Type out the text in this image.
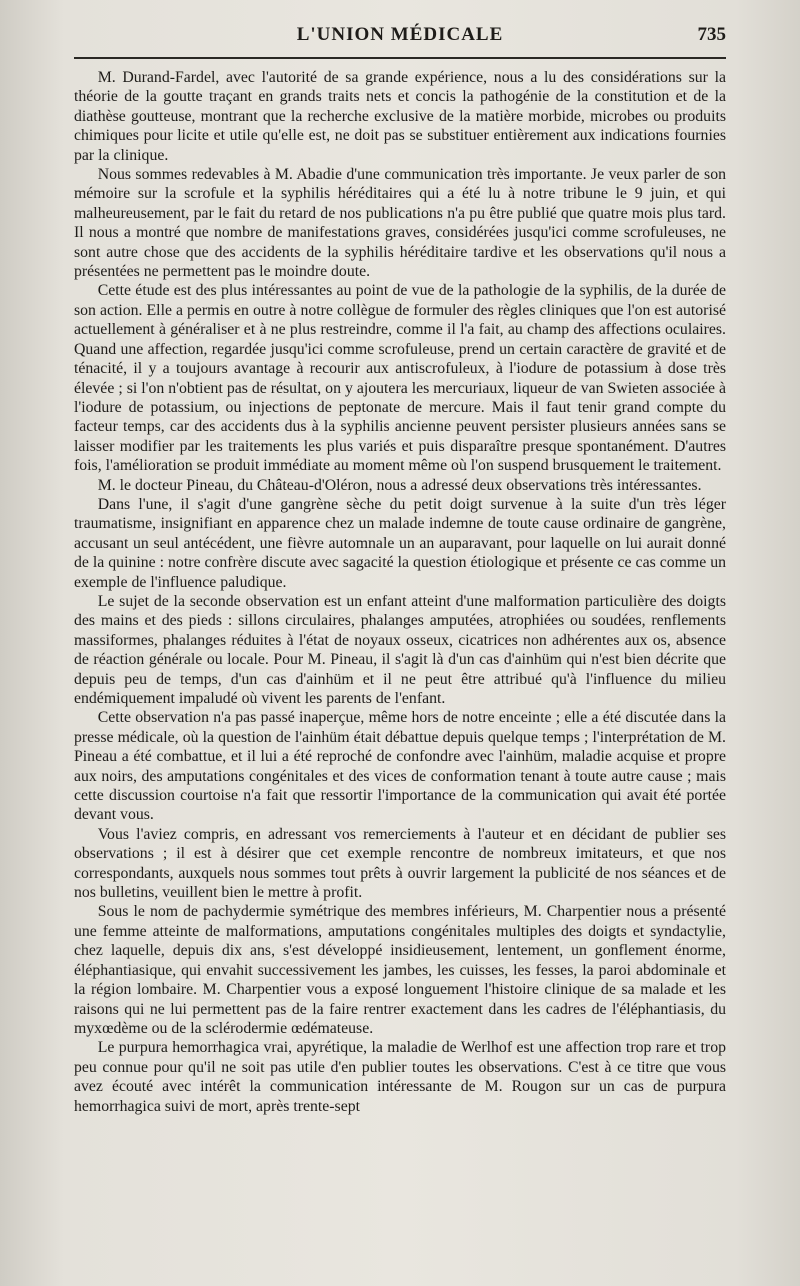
L'UNION MÉDICALE	735

M. Durand-Fardel, avec l'autorité de sa grande expérience, nous a lu des considérations sur la théorie de la goutte traçant en grands traits nets et concis la pathogénie de la constitution et de la diathèse goutteuse, montrant que la recherche exclusive de la matière morbide, microbes ou produits chimiques pour licite et utile qu'elle est, ne doit pas se substituer entièrement aux indications fournies par la clinique.

Nous sommes redevables à M. Abadie d'une communication très importante. Je veux parler de son mémoire sur la scrofule et la syphilis héréditaires qui a été lu à notre tribune le 9 juin, et qui malheureusement, par le fait du retard de nos publications n'a pu être publié que quatre mois plus tard. Il nous a montré que nombre de manifestations graves, considérées jusqu'ici comme scrofuleuses, ne sont autre chose que des accidents de la syphilis héréditaire tardive et les observations qu'il nous a présentées ne permettent pas le moindre doute.

Cette étude est des plus intéressantes au point de vue de la pathologie de la syphilis, de la durée de son action. Elle a permis en outre à notre collègue de formuler des règles cliniques que l'on est autorisé actuellement à généraliser et à ne plus restreindre, comme il l'a fait, au champ des affections oculaires. Quand une affection, regardée jusqu'ici comme scrofuleuse, prend un certain caractère de gravité et de ténacité, il y a toujours avantage à recourir aux antiscrofuleux, à l'iodure de potassium à dose très élevée ; si l'on n'obtient pas de résultat, on y ajoutera les mercuriaux, liqueur de van Swieten associée à l'iodure de potassium, ou injections de peptonate de mercure. Mais il faut tenir grand compte du facteur temps, car des accidents dus à la syphilis ancienne peuvent persister plusieurs années sans se laisser modifier par les traitements les plus variés et puis disparaître presque spontanément. D'autres fois, l'amélioration se produit immédiate au moment même où l'on suspend brusquement le traitement.

M. le docteur Pineau, du Château-d'Oléron, nous a adressé deux observations très intéressantes.

Dans l'une, il s'agit d'une gangrène sèche du petit doigt survenue à la suite d'un très léger traumatisme, insignifiant en apparence chez un malade indemne de toute cause ordinaire de gangrène, accusant un seul antécédent, une fièvre automnale un an auparavant, pour laquelle on lui aurait donné de la quinine : notre confrère discute avec sagacité la question étiologique et présente ce cas comme un exemple de l'influence paludique.

Le sujet de la seconde observation est un enfant atteint d'une malformation particulière des doigts des mains et des pieds : sillons circulaires, phalanges amputées, atrophiées ou soudées, renflements massiformes, phalanges réduites à l'état de noyaux osseux, cicatrices non adhérentes aux os, absence de réaction générale ou locale. Pour M. Pineau, il s'agit là d'un cas d'ainhüm qui n'est bien décrite que depuis peu de temps, d'un cas d'ainhüm et il ne peut être attribué qu'à l'influence du milieu endémiquement impaludé où vivent les parents de l'enfant.

Cette observation n'a pas passé inaperçue, même hors de notre enceinte ; elle a été discutée dans la presse médicale, où la question de l'ainhüm était débattue depuis quelque temps ; l'interprétation de M. Pineau a été combattue, et il lui a été reproché de confondre avec l'ainhüm, maladie acquise et propre aux noirs, des amputations congénitales et des vices de conformation tenant à toute autre cause ; mais cette discussion courtoise n'a fait que ressortir l'importance de la communication qui avait été portée devant vous.

Vous l'aviez compris, en adressant vos remerciements à l'auteur et en décidant de publier ses observations ; il est à désirer que cet exemple rencontre de nombreux imitateurs, et que nos correspondants, auxquels nous sommes tout prêts à ouvrir largement la publicité de nos séances et de nos bulletins, veuillent bien le mettre à profit.

Sous le nom de pachydermie symétrique des membres inférieurs, M. Charpentier nous a présenté une femme atteinte de malformations, amputations congénitales multiples des doigts et syndactylie, chez laquelle, depuis dix ans, s'est développé insidieusement, lentement, un gonflement énorme, éléphantiasique, qui envahit successivement les jambes, les cuisses, les fesses, la paroi abdominale et la région lombaire. M. Charpentier vous a exposé longuement l'histoire clinique de sa malade et les raisons qui ne lui permettent pas de la faire rentrer exactement dans les cadres de l'éléphantiasis, du myxœdème ou de la sclérodermie œdémateuse.

Le purpura hemorrhagica vrai, apyrétique, la maladie de Werlhof est une affection trop rare et trop peu connue pour qu'il ne soit pas utile d'en publier toutes les observations. C'est à ce titre que vous avez écouté avec intérêt la communication intéressante de M. Rougon sur un cas de purpura hemorrhagica suivi de mort, après trente-sept
